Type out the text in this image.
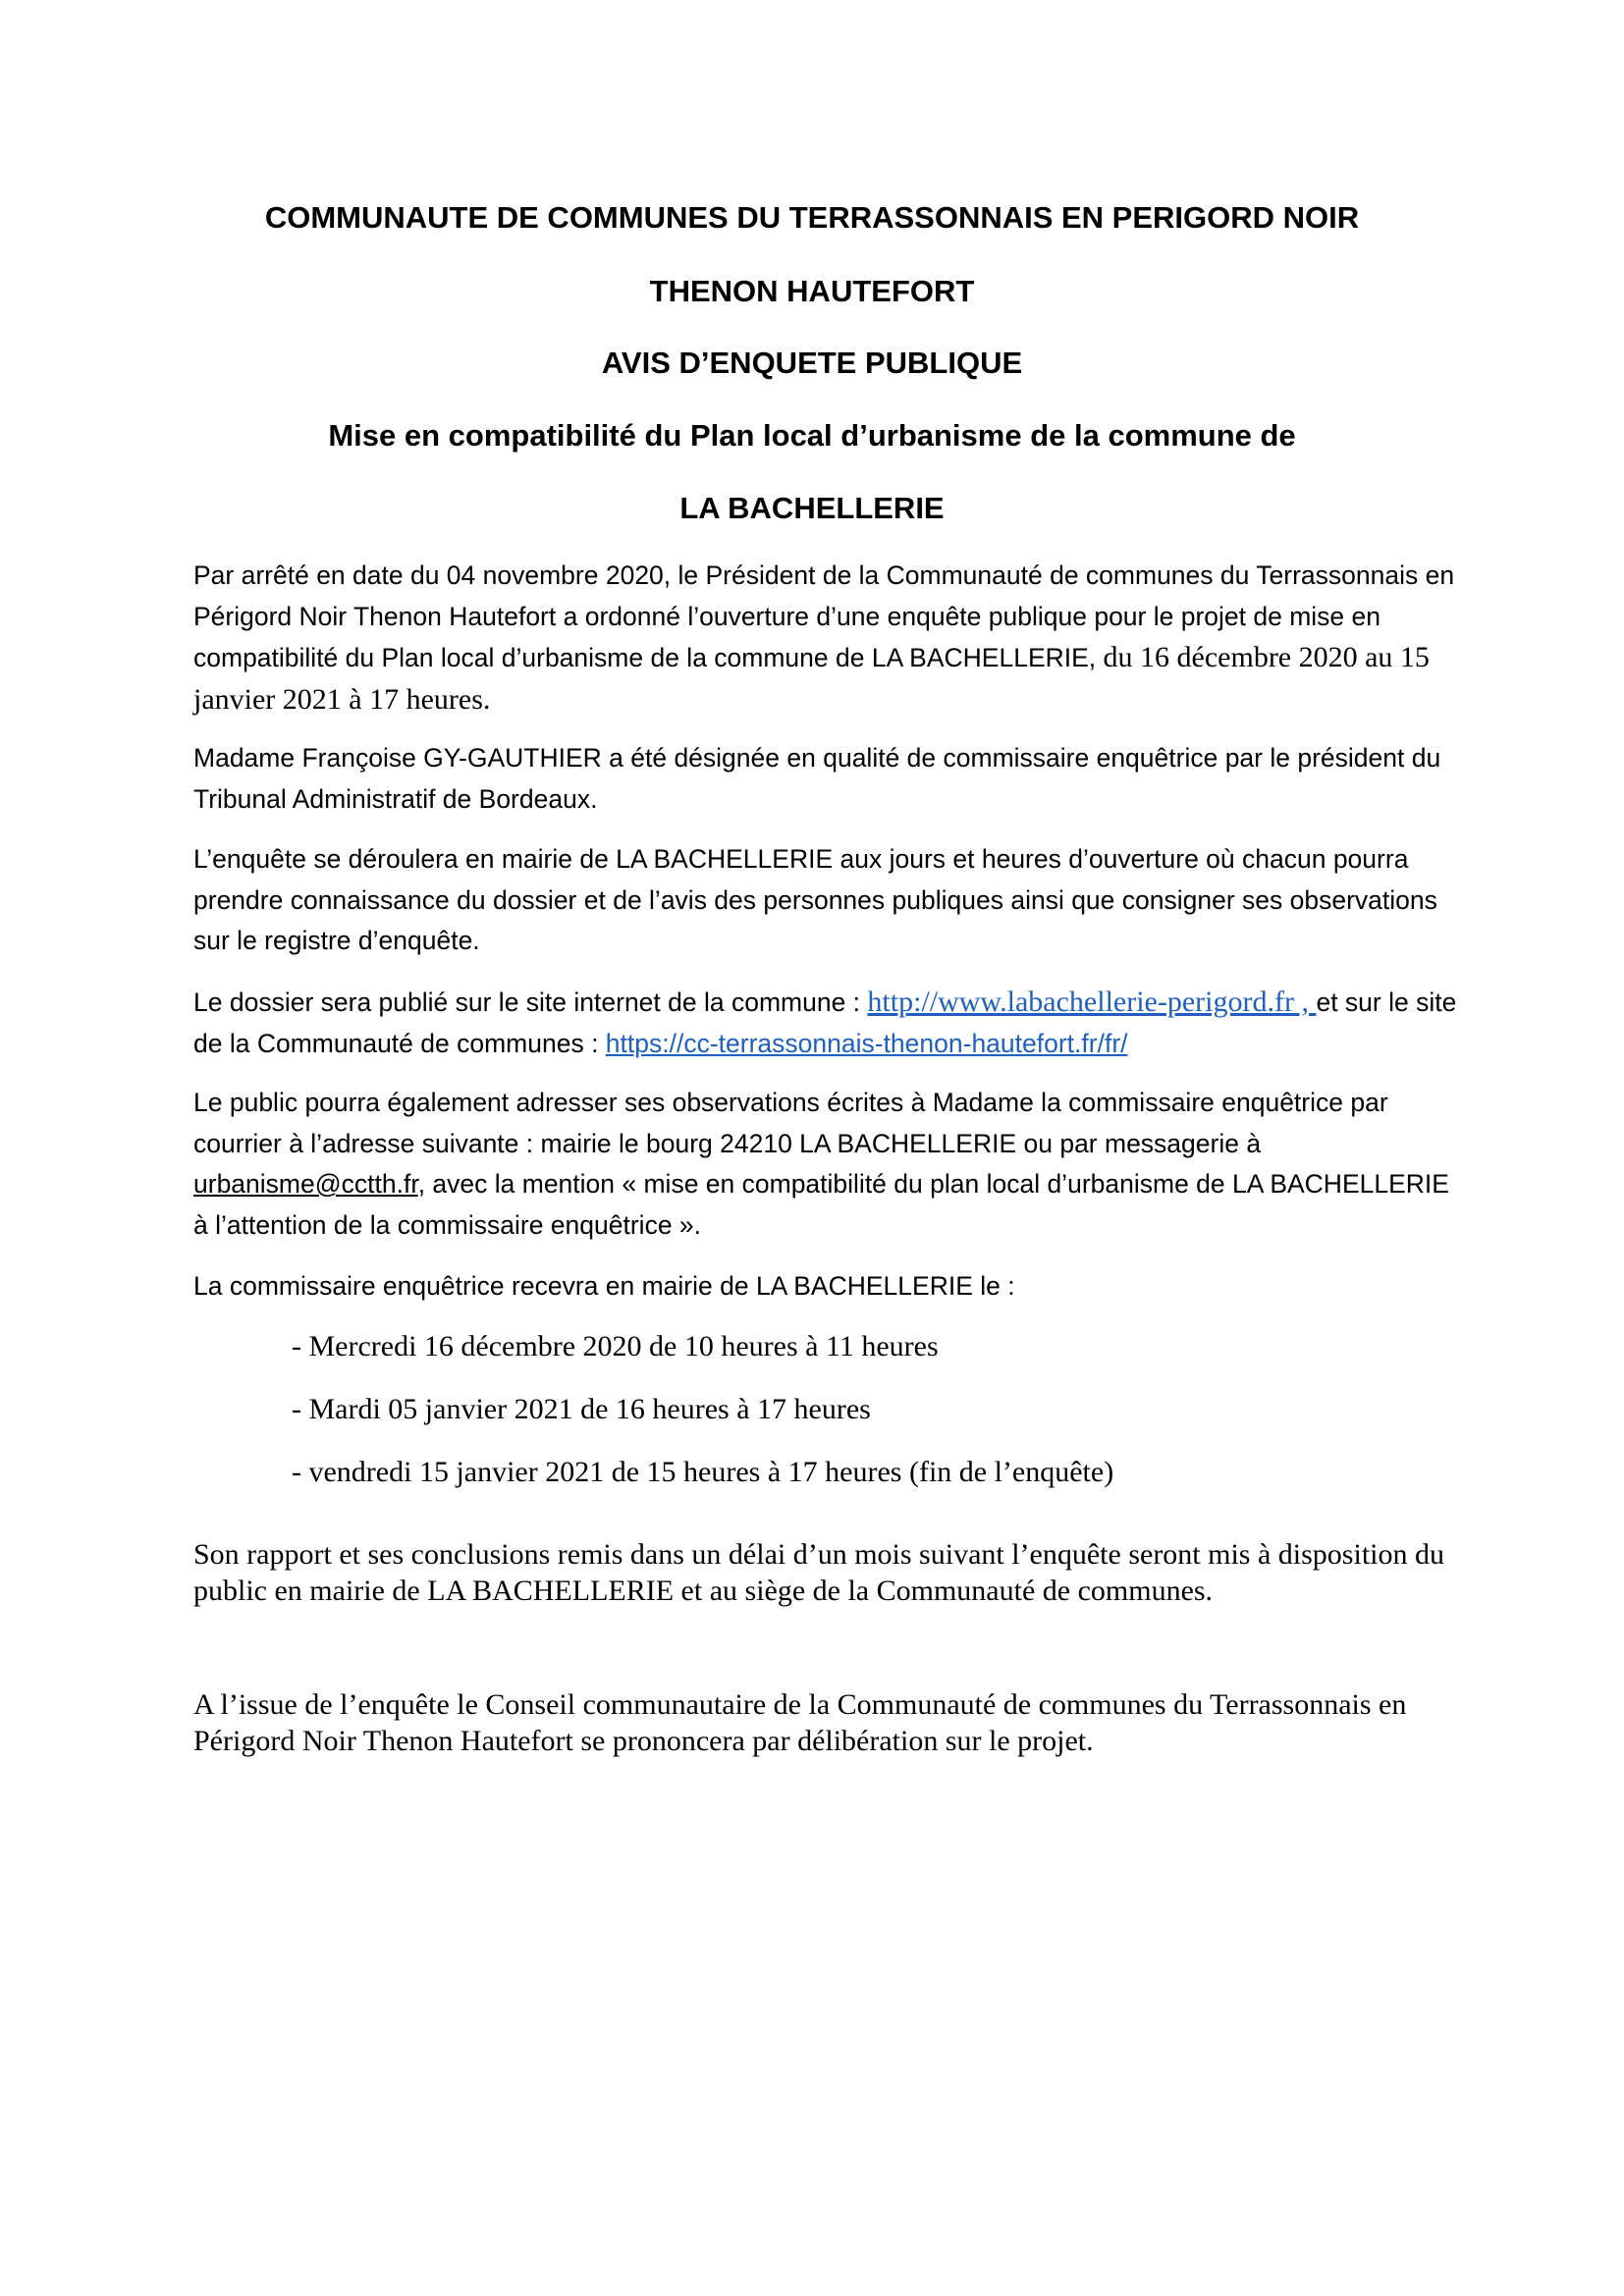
COMMUNAUTE DE COMMUNES DU TERRASSONNAIS EN PERIGORD NOIR
THENON HAUTEFORT
AVIS D’ENQUETE PUBLIQUE
Mise en compatibilité du Plan local d’urbanisme de la commune de
LA BACHELLERIE

Par arrêté en date du 04 novembre 2020, le Président de la Communauté de communes du Terrassonnais en Périgord Noir Thenon Hautefort a ordonné l’ouverture d’une enquête publique pour le projet de mise en compatibilité du Plan local d’urbanisme de la commune de LA BACHELLERIE, du 16 décembre 2020 au 15 janvier 2021 à 17 heures.

Madame Françoise GY-GAUTHIER a été désignée en qualité de commissaire enquêtrice par le président du Tribunal Administratif de Bordeaux.

L’enquête se déroulera en mairie de LA BACHELLERIE aux jours et heures d’ouverture où chacun pourra prendre connaissance du dossier et de l’avis des personnes publiques ainsi que consigner ses observations sur le registre d’enquête.

Le dossier sera publié sur le site internet de la commune : http://www.labachellerie-perigord.fr , et sur le site de la Communauté de communes : https://cc-terrassonnais-thenon-hautefort.fr/fr/

Le public pourra également adresser ses observations écrites à Madame la commissaire enquêtrice par courrier à l’adresse suivante : mairie le bourg 24210 LA BACHELLERIE ou par messagerie à urbanisme@cctth.fr, avec la mention « mise en compatibilité du plan local d’urbanisme de LA BACHELLERIE à l’attention de la commissaire enquêtrice ».

La commissaire enquêtrice recevra en mairie de LA BACHELLERIE le :

- Mercredi 16 décembre 2020 de 10 heures à 11 heures
- Mardi 05 janvier 2021 de 16 heures à 17 heures
- vendredi 15 janvier 2021 de 15 heures à 17 heures (fin de l’enquête)

Son rapport et ses conclusions remis dans un délai d’un mois suivant l’enquête seront mis à disposition du public en mairie de LA BACHELLERIE et au siège de la Communauté de communes.

A l’issue de l’enquête le Conseil communautaire de la Communauté de communes du Terrassonnais en Périgord Noir Thenon Hautefort se prononcera par délibération sur le projet.
